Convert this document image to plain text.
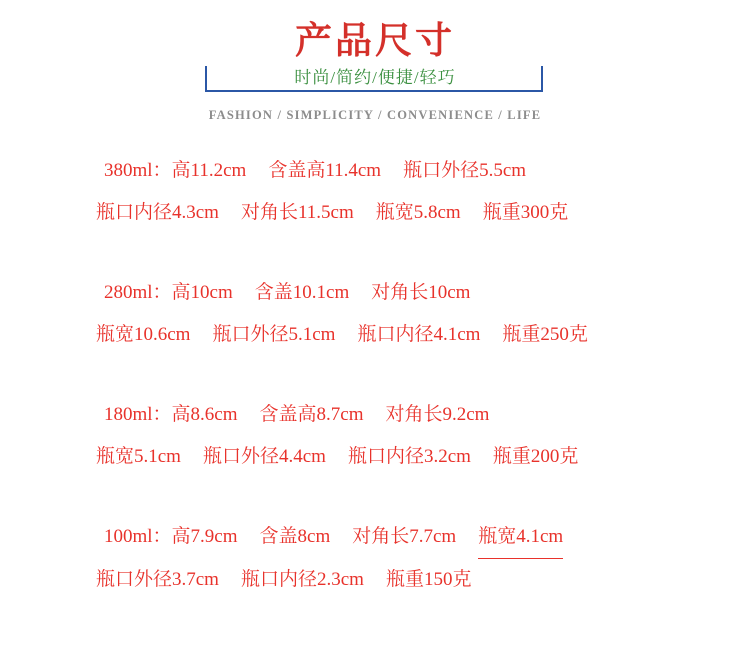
产品尺寸
时尚/简约/便捷/轻巧
FASHION / SIMPLICITY / CONVENIENCE / LIFE
380ml：高11.2cm 含盖高11.4cm 瓶口外径5.5cm
瓶口内径4.3cm 对角长11.5cm 瓶宽5.8cm 瓶重300克
280ml：高10cm 含盖10.1cm 对角长10cm
瓶宽10.6cm 瓶口外径5.1cm 瓶口内径4.1cm 瓶重250克
180ml：高8.6cm 含盖高8.7cm 对角长9.2cm
瓶宽5.1cm 瓶口外径4.4cm 瓶口内径3.2cm 瓶重200克
100ml：高7.9cm 含盖8cm 对角长7.7cm 瓶宽4.1cm
瓶口外径3.7cm 瓶口内径2.3cm 瓶重150克
